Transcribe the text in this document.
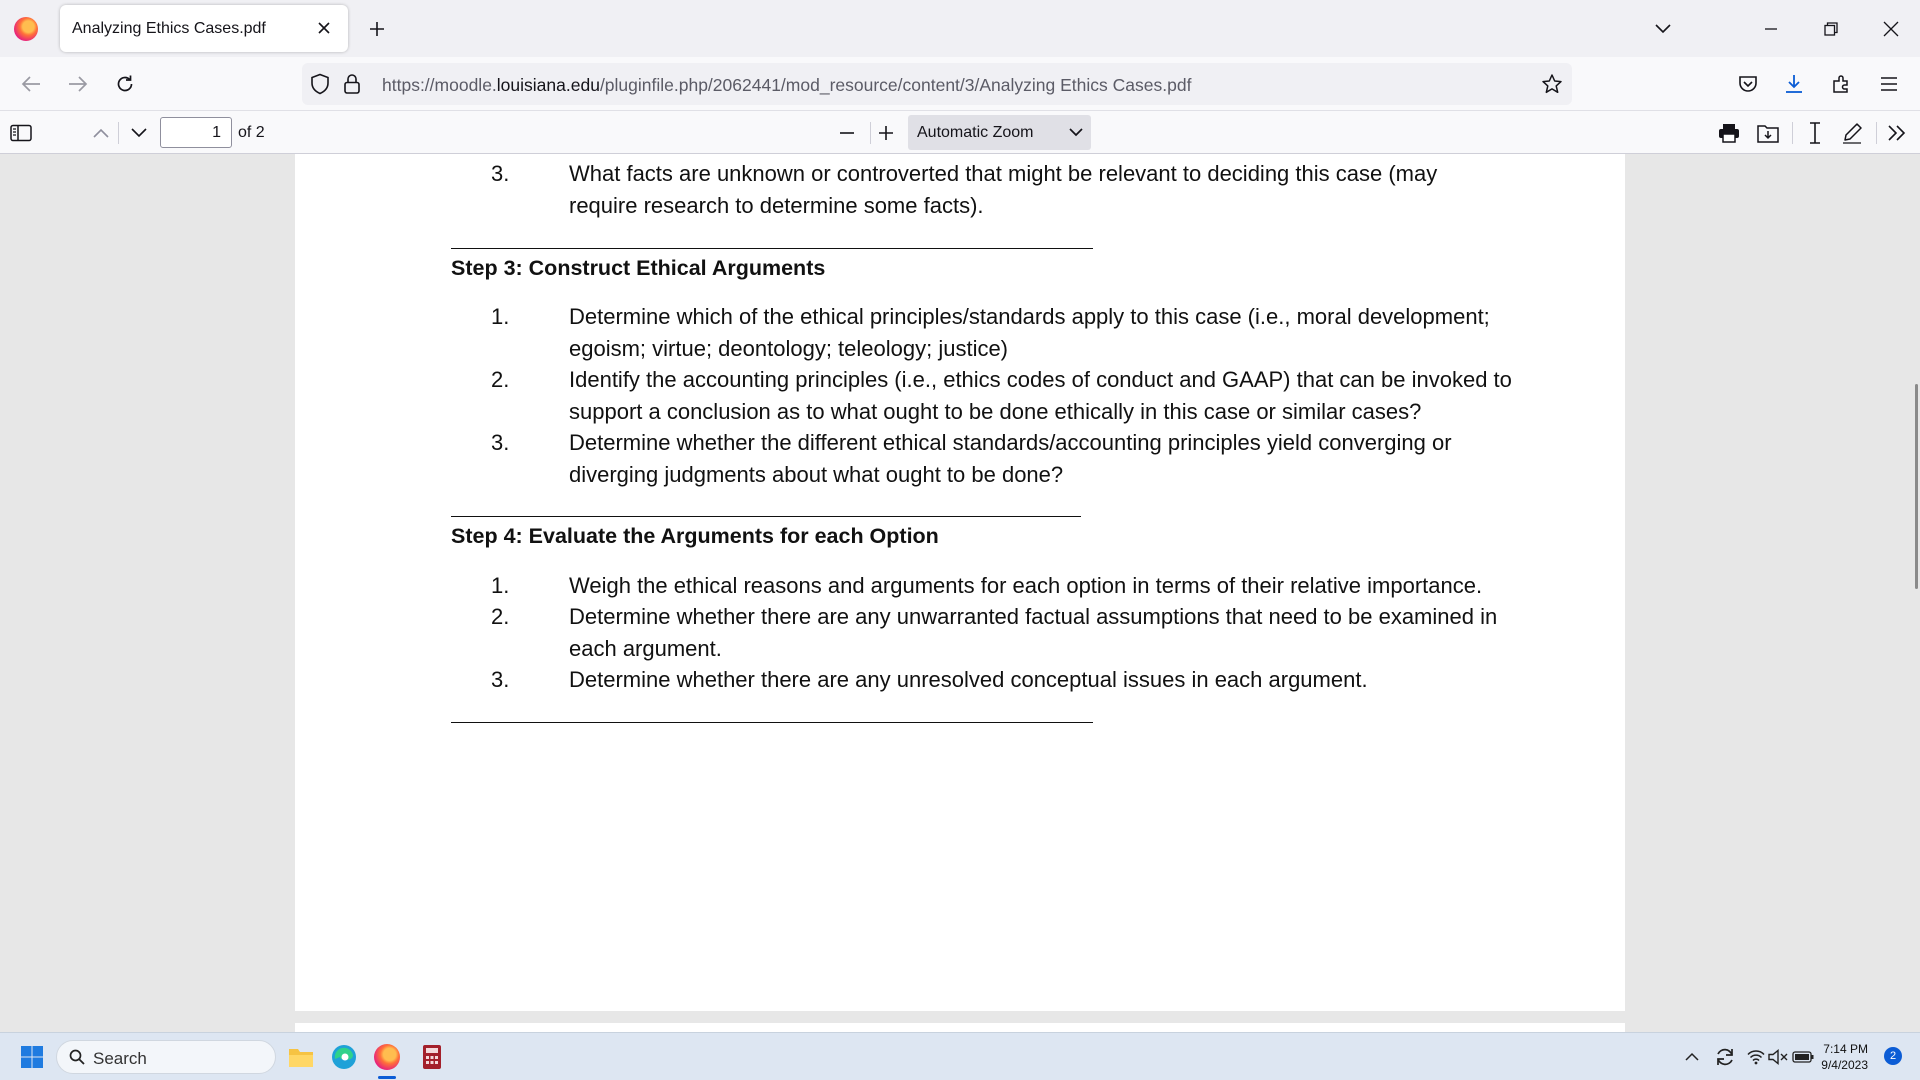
Analyzing Ethics Cases.pdf
https://moodle.louisiana.edu/pluginfile.php/2062441/mod_resource/content/3/Analyzing Ethics Cases.pdf
1	of 2	Automatic Zoom
3.	What facts are unknown or controverted that might be relevant to deciding this case (may
require research to determine some facts).
Step 3: Construct Ethical Arguments
1.	Determine which of the ethical principles/standards apply to this case (i.e., moral development;
egoism; virtue; deontology; teleology; justice)
2.	Identify the accounting principles (i.e., ethics codes of conduct and GAAP) that can be invoked to
support a conclusion as to what ought to be done ethically in this case or similar cases?
3.	Determine whether the different ethical standards/accounting principles yield converging or
diverging judgments about what ought to be done?
Step 4: Evaluate the Arguments for each Option
1.	Weigh the ethical reasons and arguments for each option in terms of their relative importance.
2.	Determine whether there are any unwarranted factual assumptions that need to be examined in
each argument.
3.	Determine whether there are any unresolved conceptual issues in each argument.
Search	7:14 PM
9/4/2023
2
